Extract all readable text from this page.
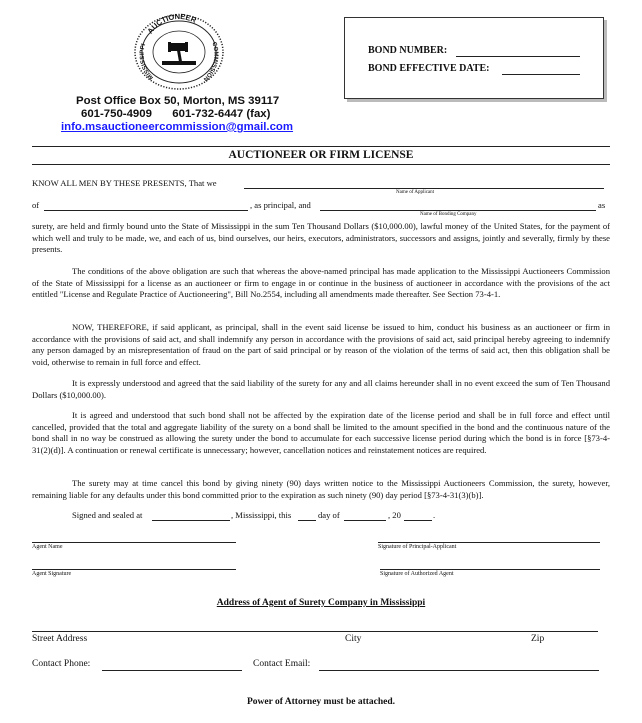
AUCTIONEER
MISSISSIPPI	COMMISSION
Post Office Box 50, Morton, MS 39117
601-750-4909 601-732-6447 (fax)
info.msauctioneercommission@gmail.com
BOND NUMBER:
BOND EFFECTIVE DATE:
AUCTIONEER OR FIRM LICENSE
KNOW ALL MEN BY THESE PRESENTS, That we
Name of Applicant
of	, as principal, and	as
Name of Bonding Company
surety, are held and firmly bound unto the State of Mississippi in the sum Ten Thousand Dollars ($10,000.00), lawful money of the United States, for the payment of which well and truly to be made, we, and each of us, bind ourselves, our heirs, executors, administrators, successors and assigns, jointly and severally, firmly by these presents.
The conditions of the above obligation are such that whereas the above-named principal has made application to the Mississippi Auctioneers Commission of the State of Mississippi for a license as an auctioneer or firm to engage in or continue in the business of auctioneer in accordance with the provisions of the act entitled "License and Regulate Practice of Auctioneering", Bill No.2554, including all amendments made thereafter. See Section 73-4-1.
NOW, THEREFORE, if said applicant, as principal, shall in the event said license be issued to him, conduct his business as an auctioneer or firm in accordance with the provisions of said act, and shall indemnify any person in accordance with the provisions of said act, said principal hereby agreeing to indemnify any person damaged by an misrepresentation of fraud on the part of said principal or by reason of the violation of the terms of said act, then this obligation shall be void, otherwise to remain in full force and effect.
It is expressly understood and agreed that the said liability of the surety for any and all claims hereunder shall in no event exceed the sum of Ten Thousand Dollars ($10,000.00).
It is agreed and understood that such bond shall not be affected by the expiration date of the license period and shall be in full force and effect until cancelled, provided that the total and aggregate liability of the surety on a bond shall be limited to the amount specified in the bond and the continuous nature of the bond shall in no way be construed as allowing the surety under the bond to accumulate for each successive license period during which the bond is in force [§73-4-31(2)(d)]. A continuation or renewal certificate is unnecessary; however, cancellation notices and reinstatement notices are required.
The surety may at time cancel this bond by giving ninety (90) days written notice to the Mississippi Auctioneers Commission, the surety, however, remaining liable for any defaults under this bond committed prior to the expiration as such ninety (90) day period [§73-4-31(3)(b)].
Signed and sealed at	, Mississippi, this	day of	, 20	.
Agent Name	Signature of Principal-Applicant
Agent Signature	Signature of Authorized Agent
Address of Agent of Surety Company in Mississippi
Street Address	City	Zip
Contact Phone:	Contact Email:
Power of Attorney must be attached.
